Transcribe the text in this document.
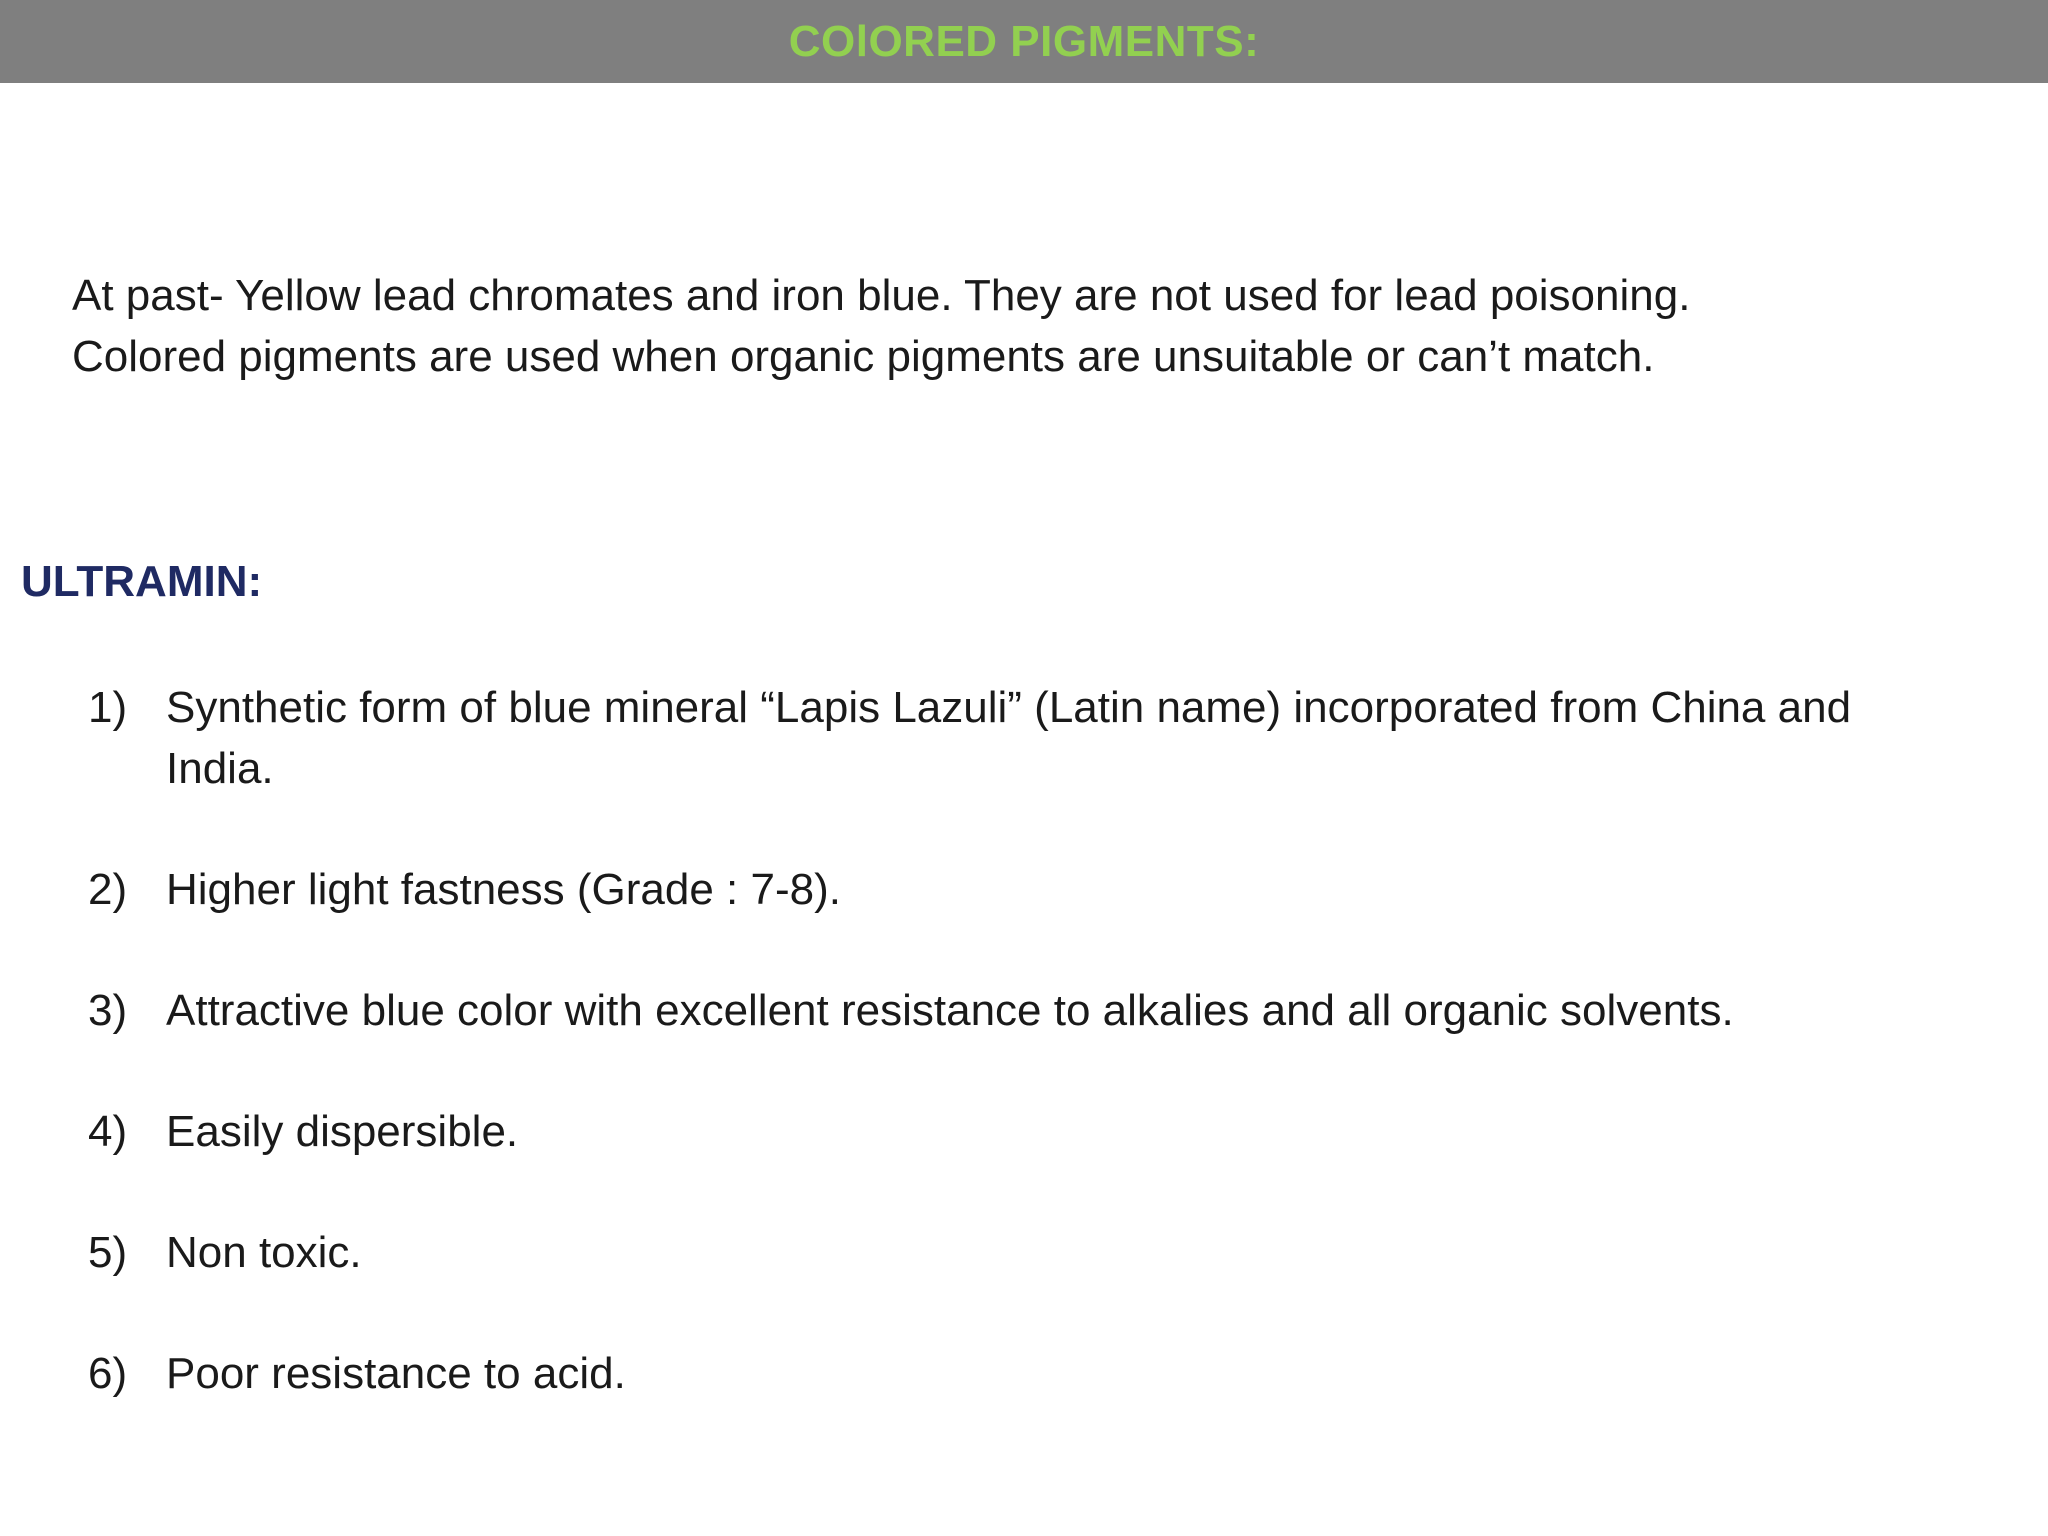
COlORED PIGMENTS:

At past- Yellow lead chromates and iron blue. They are not used for lead poisoning.

Colored pigments are used when organic pigments are unsuitable or can’t match.

ULTRAMIN:
1) Synthetic form of blue mineral “Lapis Lazuli” (Latin name) incorporated from China and India.
2) Higher light fastness (Grade : 7-8).
3) Attractive blue color with excellent resistance to alkalies and all organic solvents.
4) Easily dispersible.
5) Non toxic.
6) Poor resistance to acid.
